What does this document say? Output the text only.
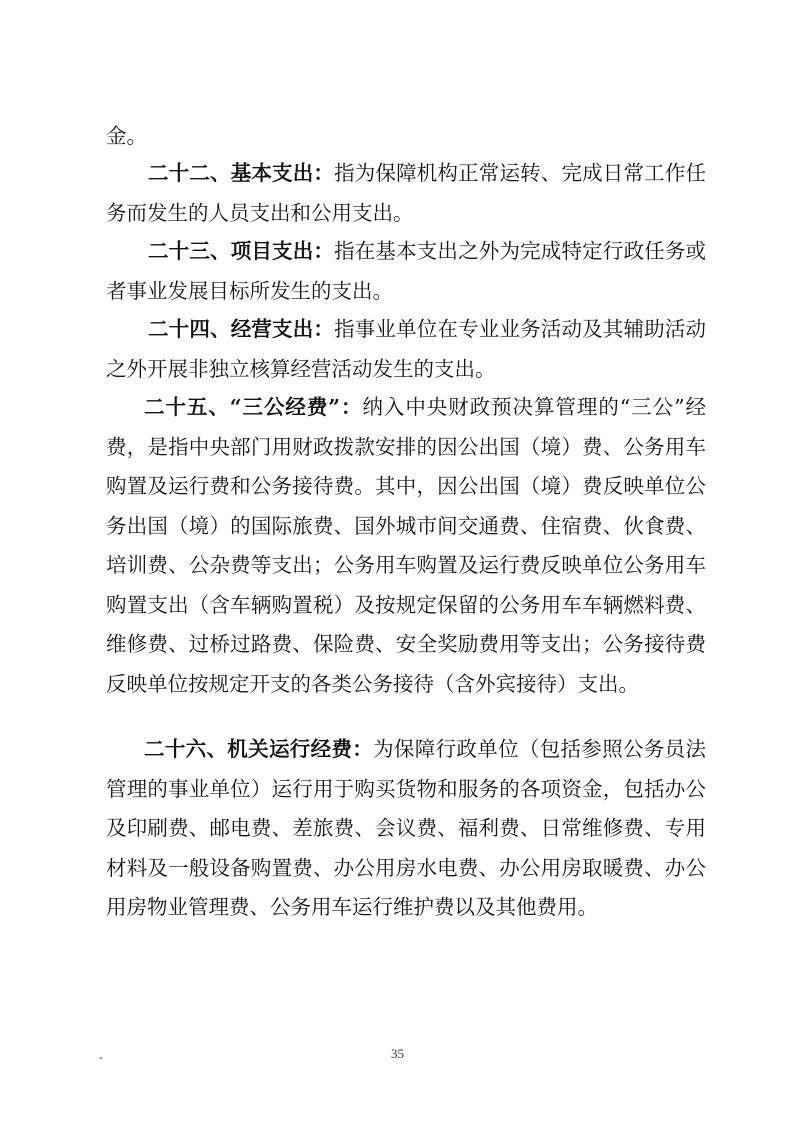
金。

二十二、基本支出：指为保障机构正常运转、完成日常工作任务而发生的人员支出和公用支出。

二十三、项目支出：指在基本支出之外为完成特定行政任务或者事业发展目标所发生的支出。

二十四、经营支出：指事业单位在专业业务活动及其辅助活动之外开展非独立核算经营活动发生的支出。

二十五、“三公经费”：纳入中央财政预决算管理的“三公”经费，是指中央部门用财政拨款安排的因公出国（境）费、公务用车购置及运行费和公务接待费。其中，因公出国（境）费反映单位公务出国（境）的国际旅费、国外城市间交通费、住宿费、伙食费、培训费、公杂费等支出；公务用车购置及运行费反映单位公务用车购置支出（含车辆购置税）及按规定保留的公务用车车辆燃料费、维修费、过桥过路费、保险费、安全奖励费用等支出；公务接待费反映单位按规定开支的各类公务接待（含外宾接待）支出。

二十六、机关运行经费：为保障行政单位（包括参照公务员法管理的事业单位）运行用于购买货物和服务的各项资金，包括办公及印刷费、邮电费、差旅费、会议费、福利费、日常维修费、专用材料及一般设备购置费、办公用房水电费、办公用房取暖费、办公用房物业管理费、公务用车运行维护费以及其他费用。

-	35
